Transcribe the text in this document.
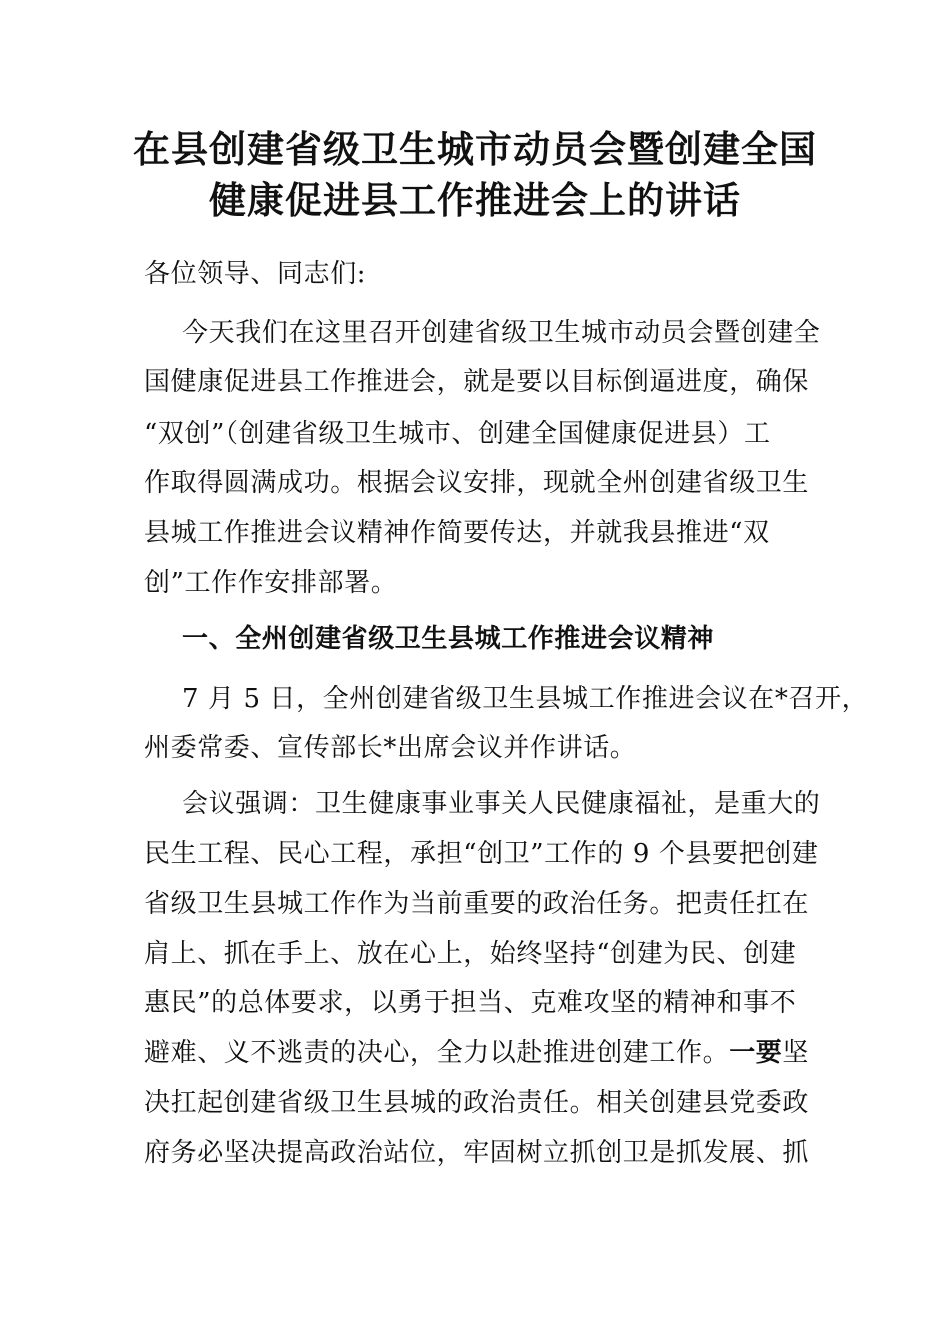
在县创建省级卫生城市动员会暨创建全国
健康促进县工作推进会上的讲话
各位领导、同志们:
今天我们在这里召开创建省级卫生城市动员会暨创建全
国健康促进县工作推进会，就是要以目标倒逼进度，确保
“双创”（创建省级卫生城市、创建全国健康促进县）工
作取得圆满成功。根据会议安排，现就全州创建省级卫生
县城工作推进会议精神作简要传达，并就我县推进“双
创”工作作安排部署。
一、全州创建省级卫生县城工作推进会议精神
7 月 5 日，全州创建省级卫生县城工作推进会议在*召开，
州委常委、宣传部长*出席会议并作讲话。
会议强调：卫生健康事业事关人民健康福祉，是重大的
民生工程、民心工程，承担“创卫”工作的 9 个县要把创建
省级卫生县城工作作为当前重要的政治任务。把责任扛在
肩上、抓在手上、放在心上，始终坚持“创建为民、创建
惠民”的总体要求，以勇于担当、克难攻坚的精神和事不
避难、义不逃责的决心，全力以赴推进创建工作。一要坚
决扛起创建省级卫生县城的政治责任。相关创建县党委政
府务必坚决提高政治站位，牢固树立抓创卫是抓发展、抓
